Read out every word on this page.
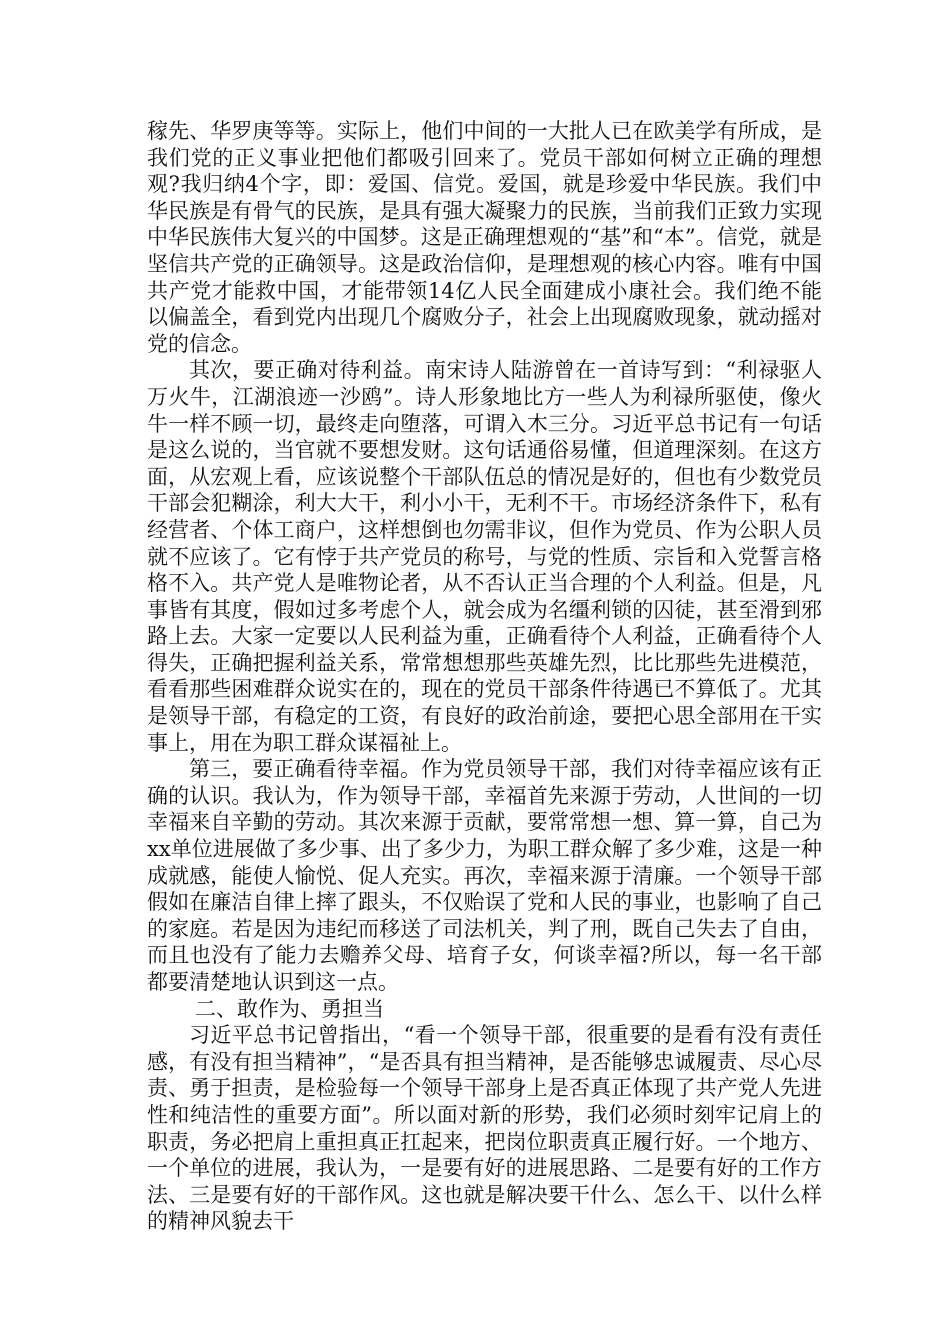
稼先、华罗庚等等。实际上，他们中间的一大批人已在欧美学有所成，是我们党的正义事业把他们都吸引回来了。党员干部如何树立正确的理想观?我归纳4个字，即：爱国、信党。爱国，就是珍爱中华民族。我们中华民族是有骨气的民族，是具有强大凝聚力的民族，当前我们正致力实现中华民族伟大复兴的中国梦。这是正确理想观的“基”和“本”。信党，就是坚信共产党的正确领导。这是政治信仰，是理想观的核心内容。唯有中国共产党才能救中国，才能带领14亿人民全面建成小康社会。我们绝不能以偏盖全，看到党内出现几个腐败分子，社会上出现腐败现象，就动摇对党的信念。

其次，要正确对待利益。南宋诗人陆游曾在一首诗写到：“利禄驱人万火牛，江湖浪迹一沙鸥”。诗人形象地比方一些人为利禄所驱使，像火牛一样不顾一切，最终走向堕落，可谓入木三分。习近平总书记有一句话是这么说的，当官就不要想发财。这句话通俗易懂，但道理深刻。在这方面，从宏观上看，应该说整个干部队伍总的情况是好的，但也有少数党员干部会犯糊涂，利大大干，利小小干，无利不干。市场经济条件下，私有经营者、个体工商户，这样想倒也勿需非议，但作为党员、作为公职人员就不应该了。它有悖于共产党员的称号，与党的性质、宗旨和入党誓言格格不入。共产党人是唯物论者，从不否认正当合理的个人利益。但是，凡事皆有其度，假如过多考虑个人，就会成为名缰利锁的囚徒，甚至滑到邪路上去。大家一定要以人民利益为重，正确看待个人利益，正确看待个人得失，正确把握利益关系，常常想想那些英雄先烈，比比那些先进模范，看看那些困难群众说实在的，现在的党员干部条件待遇已不算低了。尤其是领导干部，有稳定的工资，有良好的政治前途，要把心思全部用在干实事上，用在为职工群众谋福祉上。

第三，要正确看待幸福。作为党员领导干部，我们对待幸福应该有正确的认识。我认为，作为领导干部，幸福首先来源于劳动，人世间的一切幸福来自辛勤的劳动。其次来源于贡献，要常常想一想、算一算，自己为xx单位进展做了多少事、出了多少力，为职工群众解了多少难，这是一种成就感，能使人愉悦、促人充实。再次，幸福来源于清廉。一个领导干部假如在廉洁自律上摔了跟头，不仅贻误了党和人民的事业，也影响了自己的家庭。若是因为违纪而移送了司法机关，判了刑，既自己失去了自由，而且也没有了能力去赡养父母、培育子女，何谈幸福?所以，每一名干部都要清楚地认识到这一点。

二、敢作为、勇担当

习近平总书记曾指出，“看一个领导干部，很重要的是看有没有责任感，有没有担当精神”，“是否具有担当精神，是否能够忠诚履责、尽心尽责、勇于担责，是检验每一个领导干部身上是否真正体现了共产党人先进性和纯洁性的重要方面”。所以面对新的形势，我们必须时刻牢记肩上的职责，务必把肩上重担真正扛起来，把岗位职责真正履行好。一个地方、一个单位的进展，我认为，一是要有好的进展思路、二是要有好的工作方法、三是要有好的干部作风。这也就是解决要干什么、怎么干、以什么样的精神风貌去干
